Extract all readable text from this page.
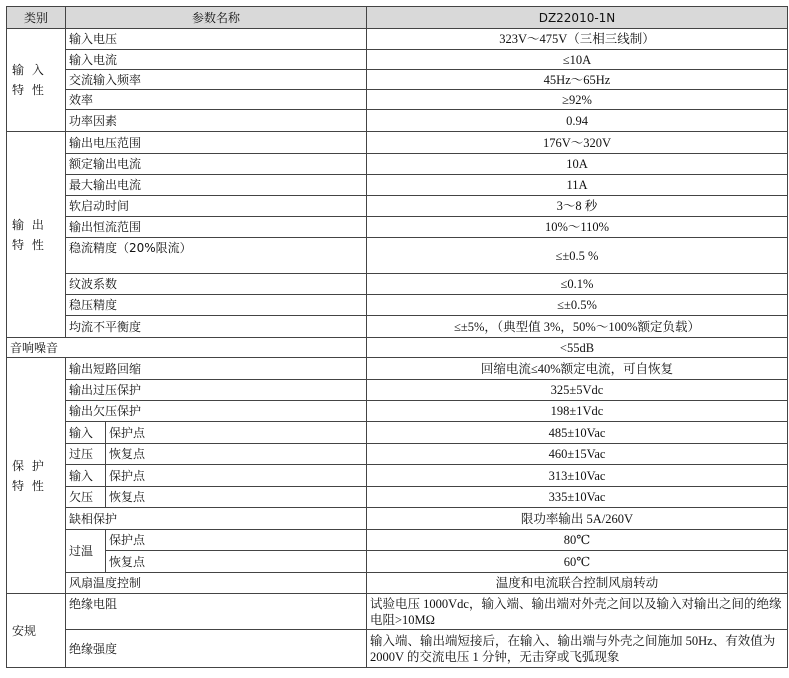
类别	参数名称		DZ22010-1N
输 入 特 性	输入电压		323V～475V（三相三线制）
	输入电流		≤10A
	交流输入频率		45Hz～65Hz
	效率		≥92%
	功率因素		0.94
输 出 特 性	输出电压范围		176V～320V
	额定输出电流		10A
	最大输出电流		11A
	软启动时间		3～8 秒
	输出恒流范围		10%～110%
	稳流精度（20%限流）		≤±0.5 %
	纹波系数		≤0.1%
	稳压精度		≤±0.5%
	均流不平衡度		≤±5%，（典型值 3%，50%～100%额定负载）
音响噪音			<55dB
保 护 特 性	输出短路回缩		回缩电流≤40%额定电流，可自恢复
	输出过压保护		325±5Vdc
	输出欠压保护		198±1Vdc
	输入	保护点	485±10Vac
	过压	恢复点	460±15Vac
	输入	保护点	313±10Vac
	欠压	恢复点	335±10Vac
	缺相保护		限功率输出 5A/260V
	过温	保护点	80℃
		恢复点	60℃
	风扇温度控制		温度和电流联合控制风扇转动
安规	绝缘电阻		试验电压 1000Vdc，输入端、输出端对外壳之间以及输入对输出之间的绝缘电阻>10MΩ
	绝缘强度		输入端、输出端短接后，在输入、输出端与外壳之间施加 50Hz、有效值为 2000V 的交流电压 1 分钟，无击穿或飞弧现象
